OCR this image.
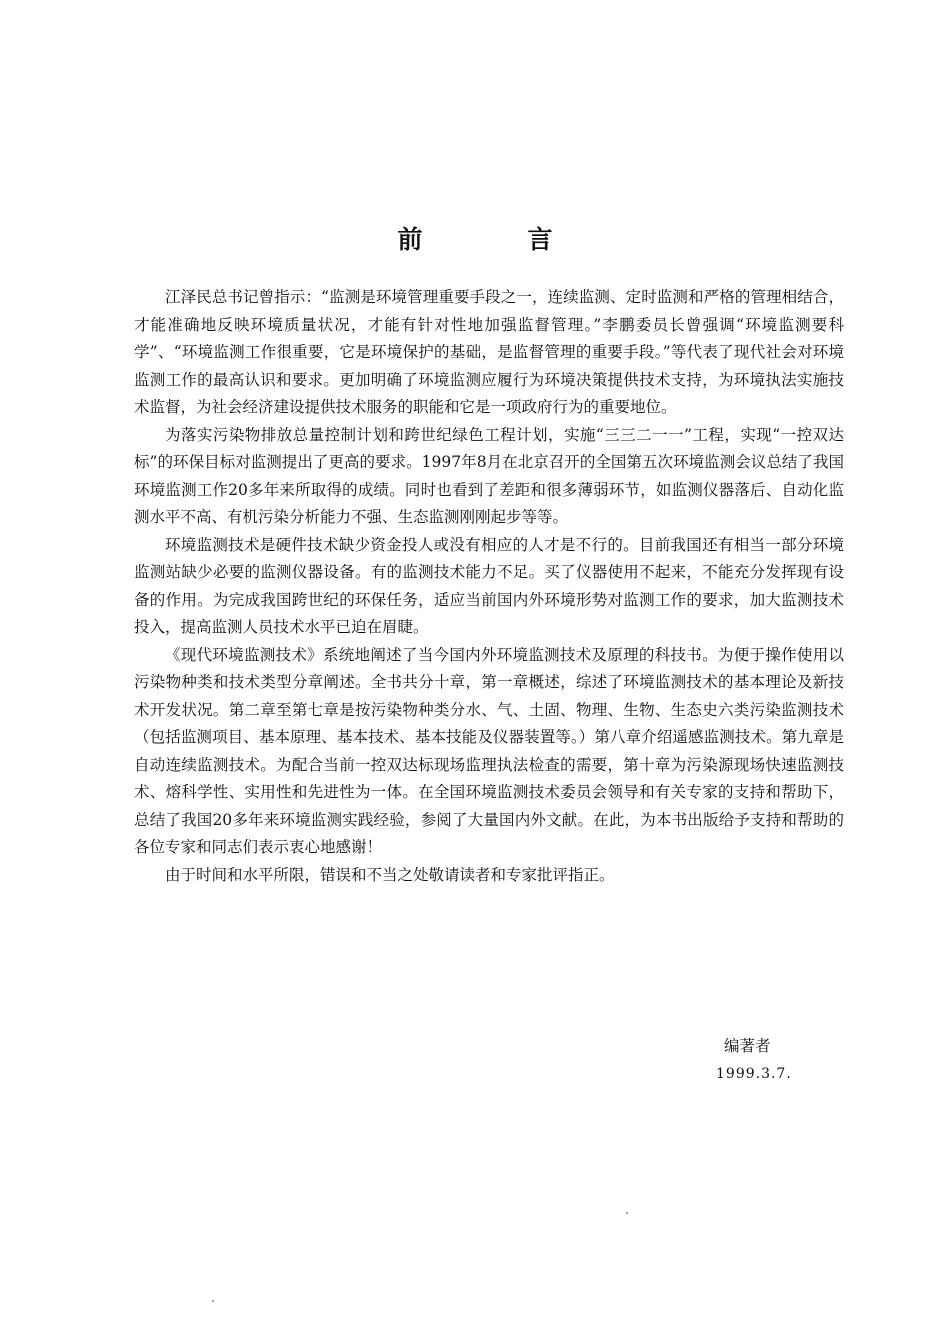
前　言

江泽民总书记曾指示：“监测是环境管理重要手段之一，连续监测、定时监测和严格的管理相结合，才能准确地反映环境质量状况，才能有针对性地加强监督管理。”李鹏委员长曾强调“环境监测要科学”、“环境监测工作很重要，它是环境保护的基础，是监督管理的重要手段。”等代表了现代社会对环境监测工作的最高认识和要求。更加明确了环境监测应履行为环境决策提供技术支持，为环境执法实施技术监督，为社会经济建设提供技术服务的职能和它是一项政府行为的重要地位。

为落实污染物排放总量控制计划和跨世纪绿色工程计划，实施“三三二一一”工程，实现“一控双达标”的环保目标对监测提出了更高的要求。1997年8月在北京召开的全国第五次环境监测会议总结了我国环境监测工作20多年来所取得的成绩。同时也看到了差距和很多薄弱环节，如监测仪器落后、自动化监测水平不高、有机污染分析能力不强、生态监测刚刚起步等等。

环境监测技术是硬件技术缺少资金投人或没有相应的人才是不行的。目前我国还有相当一部分环境监测站缺少必要的监测仪器设备。有的监测技术能力不足。买了仪器使用不起来，不能充分发挥现有设备的作用。为完成我国跨世纪的环保任务，适应当前国内外环境形势对监测工作的要求，加大监测技术投入，提高监测人员技术水平已迫在眉睫。

《现代环境监测技术》系统地阐述了当今国内外环境监测技术及原理的科技书。为便于操作使用以污染物种类和技术类型分章阐述。全书共分十章，第一章概述，综述了环境监测技术的基本理论及新技术开发状况。第二章至第七章是按污染物种类分水、气、土固、物理、生物、生态史六类污染监测技术（包括监测项目、基本原理、基本技术、基本技能及仪器装置等。）第八章介绍遥感监测技术。第九章是自动连续监测技术。为配合当前一控双达标现场监理执法检查的需要，第十章为污染源现场快速监测技术、熔科学性、实用性和先进性为一体。在全国环境监测技术委员会领导和有关专家的支持和帮助下，总结了我国20多年来环境监测实践经验，参阅了大量国内外文献。在此，为本书出版给予支持和帮助的各位专家和同志们表示衷心地感谢！

由于时间和水平所限，错误和不当之处敬请读者和专家批评指正。

编著者
1999.3.7.
